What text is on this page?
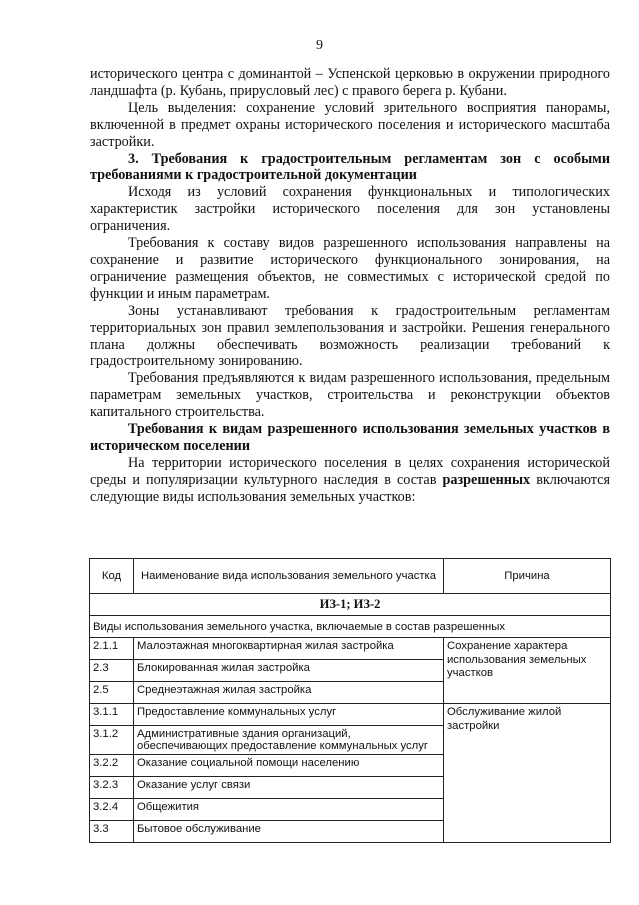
9

исторического центра с доминантой – Успенской церковью в окружении природного ландшафта (р. Кубань, прирусловый лес) с правого берега р. Кубани.

Цель выделения: сохранение условий зрительного восприятия панорамы, включенной в предмет охраны исторического поселения и исторического масштаба застройки.

3. Требования к градостроительным регламентам зон с особыми требованиями к градостроительной документации

Исходя из условий сохранения функциональных и типологических характеристик застройки исторического поселения для зон установлены ограничения.

Требования к составу видов разрешенного использования направлены на сохранение и развитие исторического функционального зонирования, на ограничение размещения объектов, не совместимых с исторической средой по функции и иным параметрам.

Зоны устанавливают требования к градостроительным регламентам территориальных зон правил землепользования и застройки. Решения генерального плана должны обеспечивать возможность реализации требований к градостроительному зонированию.

Требования предъявляются к видам разрешенного использования, предельным параметрам земельных участков, строительства и реконструкции объектов капитального строительства.

Требования к видам разрешенного использования земельных участков в историческом поселении

На территории исторического поселения в целях сохранения исторической среды и популяризации культурного наследия в состав разрешенных включаются следующие виды использования земельных участков:

Код	Наименование вида использования земельного участка	Причина
ИЗ-1; ИЗ-2		
Виды использования земельного участка, включаемые в состав разрешенных		
2.1.1	Малоэтажная многоквартирная жилая застройка	Сохранение характера использования земельных участков
2.3	Блокированная жилая застройка	
2.5	Среднеэтажная жилая застройка	
3.1.1	Предоставление коммунальных услуг	Обслуживание жилой застройки
3.1.2	Административные здания организаций, обеспечивающих предоставление коммунальных услуг	
3.2.2	Оказание социальной помощи населению	
3.2.3	Оказание услуг связи	
3.2.4	Общежития	
3.3	Бытовое обслуживание	
